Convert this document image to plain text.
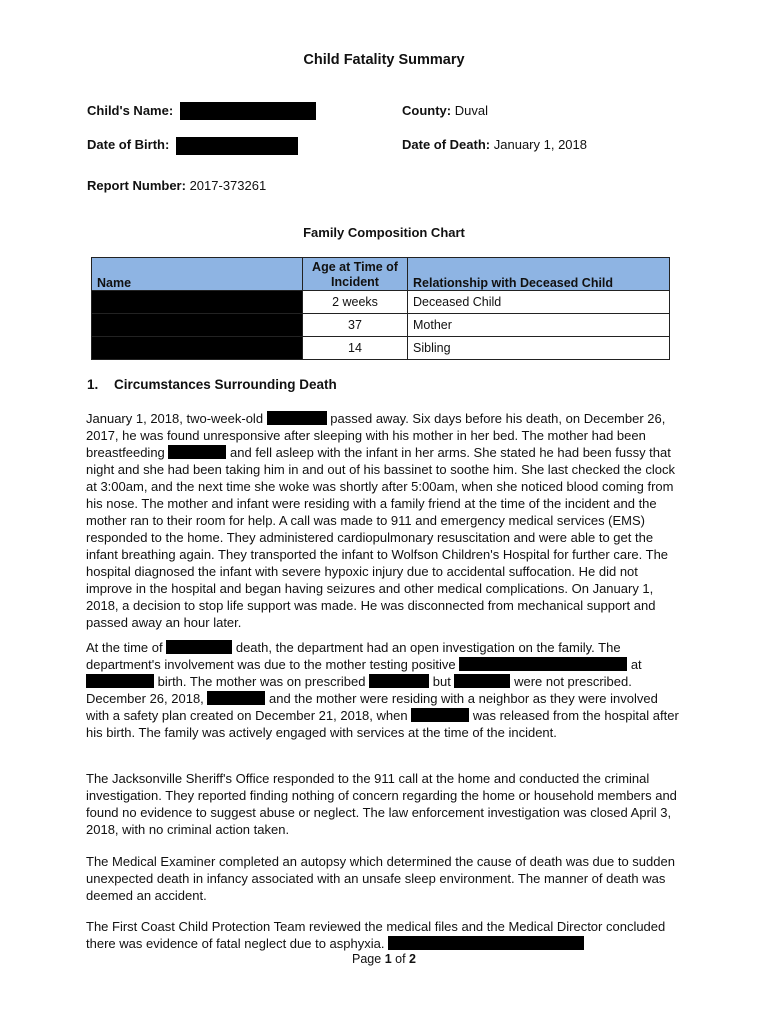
Child Fatality Summary
Child's Name:	County: Duval
Date of Birth:	Date of Death: January 1, 2018
Report Number: 2017-373261
Family Composition Chart
Name	Age at Time of Incident	Relationship with Deceased Child
	2 weeks	Deceased Child
	37	Mother
	14	Sibling
1. Circumstances Surrounding Death
January 1, 2018, two-week-old	passed away. Six days before his death, on December 26, 2017, he was found unresponsive after sleeping with his mother in her bed. The mother had been breastfeeding	and fell asleep with the infant in her arms. She stated he had been fussy that night and she had been taking him in and out of his bassinet to soothe him. She last checked the clock at 3:00am, and the next time she woke was shortly after 5:00am, when she noticed blood coming from his nose. The mother and infant were residing with a family friend at the time of the incident and the mother ran to their room for help. A call was made to 911 and emergency medical services (EMS) responded to the home. They administered cardiopulmonary resuscitation and were able to get the infant breathing again. They transported the infant to Wolfson Children's Hospital for further care. The hospital diagnosed the infant with severe hypoxic injury due to accidental suffocation. He did not improve in the hospital and began having seizures and other medical complications. On January 1, 2018, a decision to stop life support was made. He was disconnected from mechanical support and passed away an hour later.
At the time of	death, the department had an open investigation on the family. The department's involvement was due to the mother testing positive	at  birth. The mother was on prescribed	but	were not prescribed. December 26, 2018,	and the mother were residing with a neighbor as they were involved with a safety plan created on December 21, 2018, when	was released from the hospital after his birth. The family was actively engaged with services at the time of the incident.
The Jacksonville Sheriff's Office responded to the 911 call at the home and conducted the criminal investigation. They reported finding nothing of concern regarding the home or household members and found no evidence to suggest abuse or neglect. The law enforcement investigation was closed April 3, 2018, with no criminal action taken.
The Medical Examiner completed an autopsy which determined the cause of death was due to sudden unexpected death in infancy associated with an unsafe sleep environment. The manner of death was deemed an accident.
The First Coast Child Protection Team reviewed the medical files and the Medical Director concluded there was evidence of fatal neglect due to asphyxia.
Page 1 of 2
